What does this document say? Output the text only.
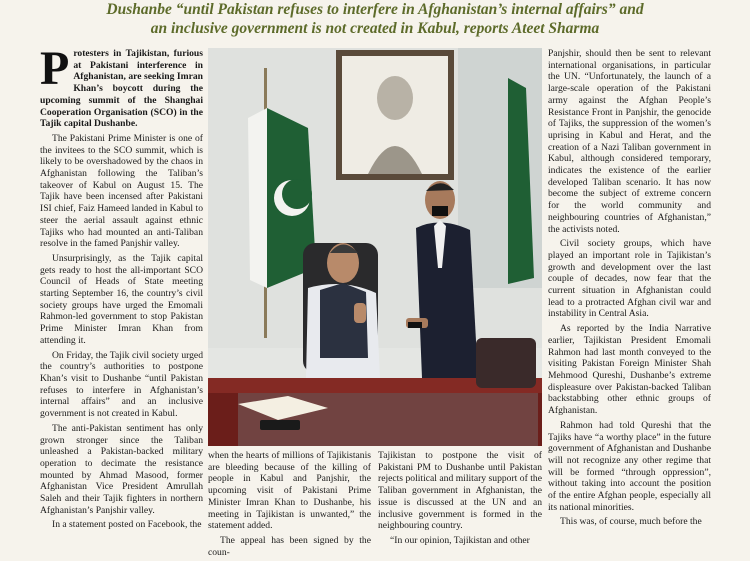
Dushanbe “until Pakistan refuses to interfere in Afghanistan’s internal affairs” and
an inclusive government is not created in Kabul, reports Ateet Sharma

Protesters in Tajikistan, furious at Pakistani interference in Afghanistan, are seeking Imran Khan’s boycott during the upcoming summit of the Shanghai Cooperation Organisation (SCO) in the Tajik capital Dushanbe.

The Pakistani Prime Minister is one of the invitees to the SCO summit, which is likely to be overshadowed by the chaos in Afghanistan following the Taliban’s takeover of Kabul on August 15. The Tajik have been incensed after Pakistani ISI chief, Faiz Hameed landed in Kabul to steer the aerial assault against ethnic Tajiks who had mounted an anti-Taliban resolve in the famed Panjshir valley.

Unsurprisingly, as the Tajik capital gets ready to host the all-important SCO Council of Heads of State meeting starting September 16, the country’s civil society groups have urged the Emomali Rahmon-led government to stop Pakistan Prime Minister Imran Khan from attending it.

On Friday, the Tajik civil society urged the country’s authorities to postpone Khan’s visit to Dushanbe “until Pakistan refuses to interfere in Afghanistan’s internal affairs” and an inclusive government is not created in Kabul.

The anti-Pakistan sentiment has only grown stronger since the Taliban unleashed a Pakistan-backed military operation to decimate the resistance mounted by Ahmad Masood, former Afghanistan Vice President Amrullah Saleh and their Tajik fighters in northern Afghanistan’s Panjshir valley.

In a statement posted on Facebook, the

when the hearts of millions of Tajikistanis are bleeding because of the killing of people in Kabul and Panjshir, the upcoming visit of Pakistani Prime Minister Imran Khan to Dushanbe, his meeting in Tajikistan is unwanted,” the statement added.

The appeal has been signed by the coun-

Tajikistan to postpone the visit of Pakistani PM to Dushanbe until Pakistan rejects political and military support of the Taliban government in Afghanistan, the issue is discussed at the UN and an inclusive government is formed in the neighbouring country.

“In our opinion, Tajikistan and other

Panjshir, should then be sent to relevant international organisations, in particular the UN. “Unfortunately, the launch of a large-scale operation of the Pakistani army against the Afghan People’s Resistance Front in Panjshir, the genocide of Tajiks, the suppression of the women’s uprising in Kabul and Herat, and the creation of a Nazi Taliban government in Kabul, although considered temporary, indicates the existence of the earlier developed Taliban scenario. It has now become the subject of extreme concern for the world community and neighbouring countries of Afghanistan,” the activists noted.

Civil society groups, which have played an important role in Tajikistan’s growth and development over the last couple of decades, now fear that the current situation in Afghanistan could lead to a protracted Afghan civil war and instability in Central Asia.

As reported by the India Narrative earlier, Tajikistan President Emomali Rahmon had last month conveyed to the visiting Pakistan Foreign Minister Shah Mehmood Qureshi, Dushanbe’s extreme displeasure over Pakistan-backed Taliban backstabbing other ethnic groups of Afghanistan.

Rahmon had told Qureshi that the Tajiks have “a worthy place” in the future government of Afghanistan and Dushanbe will not recognize any other regime that will be formed “through oppression”, without taking into account the position of the entire Afghan people, especially all its national minorities.

This was, of course, much before the
